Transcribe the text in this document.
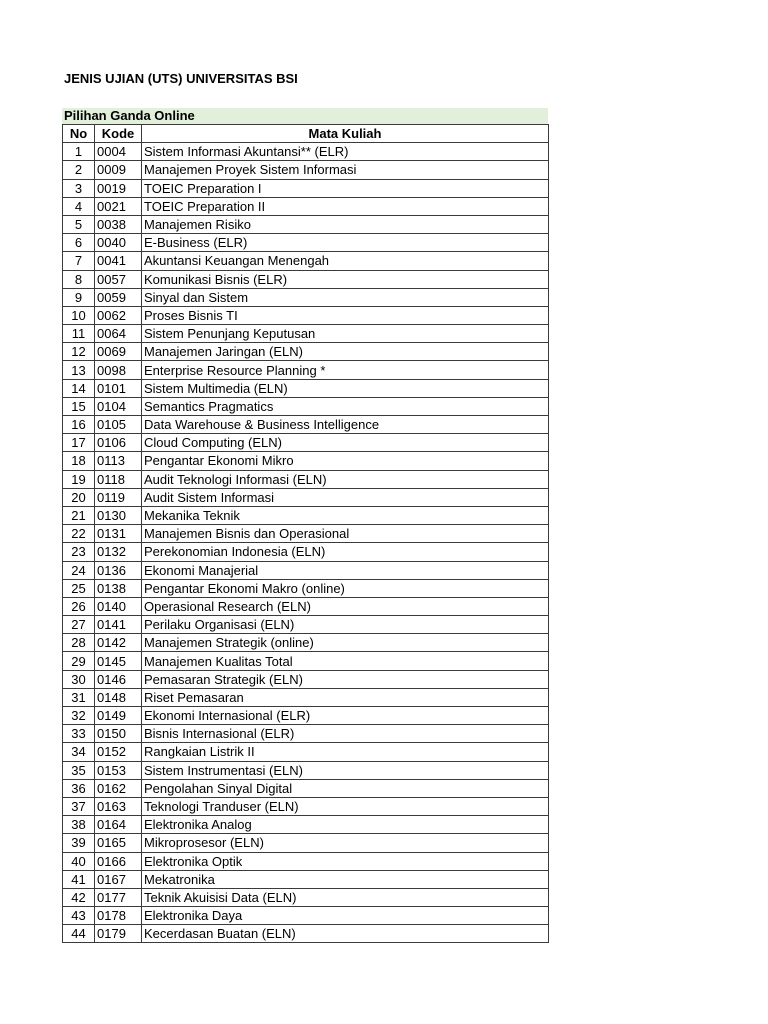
JENIS UJIAN (UTS) UNIVERSITAS BSI
Pilihan Ganda Online
No	Kode	Mata Kuliah
1	0004	Sistem Informasi Akuntansi** (ELR)
2	0009	Manajemen Proyek Sistem Informasi
3	0019	TOEIC Preparation I
4	0021	TOEIC Preparation II
5	0038	Manajemen Risiko
6	0040	E-Business (ELR)
7	0041	Akuntansi Keuangan Menengah
8	0057	Komunikasi Bisnis (ELR)
9	0059	Sinyal dan Sistem
10	0062	Proses Bisnis TI
11	0064	Sistem Penunjang Keputusan
12	0069	Manajemen Jaringan (ELN)
13	0098	Enterprise Resource Planning *
14	0101	Sistem Multimedia (ELN)
15	0104	Semantics Pragmatics
16	0105	Data Warehouse & Business Intelligence
17	0106	Cloud Computing (ELN)
18	0113	Pengantar Ekonomi Mikro
19	0118	Audit Teknologi Informasi (ELN)
20	0119	Audit Sistem Informasi
21	0130	Mekanika Teknik
22	0131	Manajemen Bisnis dan Operasional
23	0132	Perekonomian Indonesia (ELN)
24	0136	Ekonomi Manajerial
25	0138	Pengantar Ekonomi Makro (online)
26	0140	Operasional Research (ELN)
27	0141	Perilaku Organisasi (ELN)
28	0142	Manajemen Strategik (online)
29	0145	Manajemen Kualitas Total
30	0146	Pemasaran Strategik (ELN)
31	0148	Riset Pemasaran
32	0149	Ekonomi Internasional (ELR)
33	0150	Bisnis Internasional (ELR)
34	0152	Rangkaian Listrik II
35	0153	Sistem Instrumentasi (ELN)
36	0162	Pengolahan Sinyal Digital
37	0163	Teknologi Tranduser (ELN)
38	0164	Elektronika Analog
39	0165	Mikroprosesor (ELN)
40	0166	Elektronika Optik
41	0167	Mekatronika
42	0177	Teknik Akuisisi Data (ELN)
43	0178	Elektronika Daya
44	0179	Kecerdasan Buatan (ELN)
